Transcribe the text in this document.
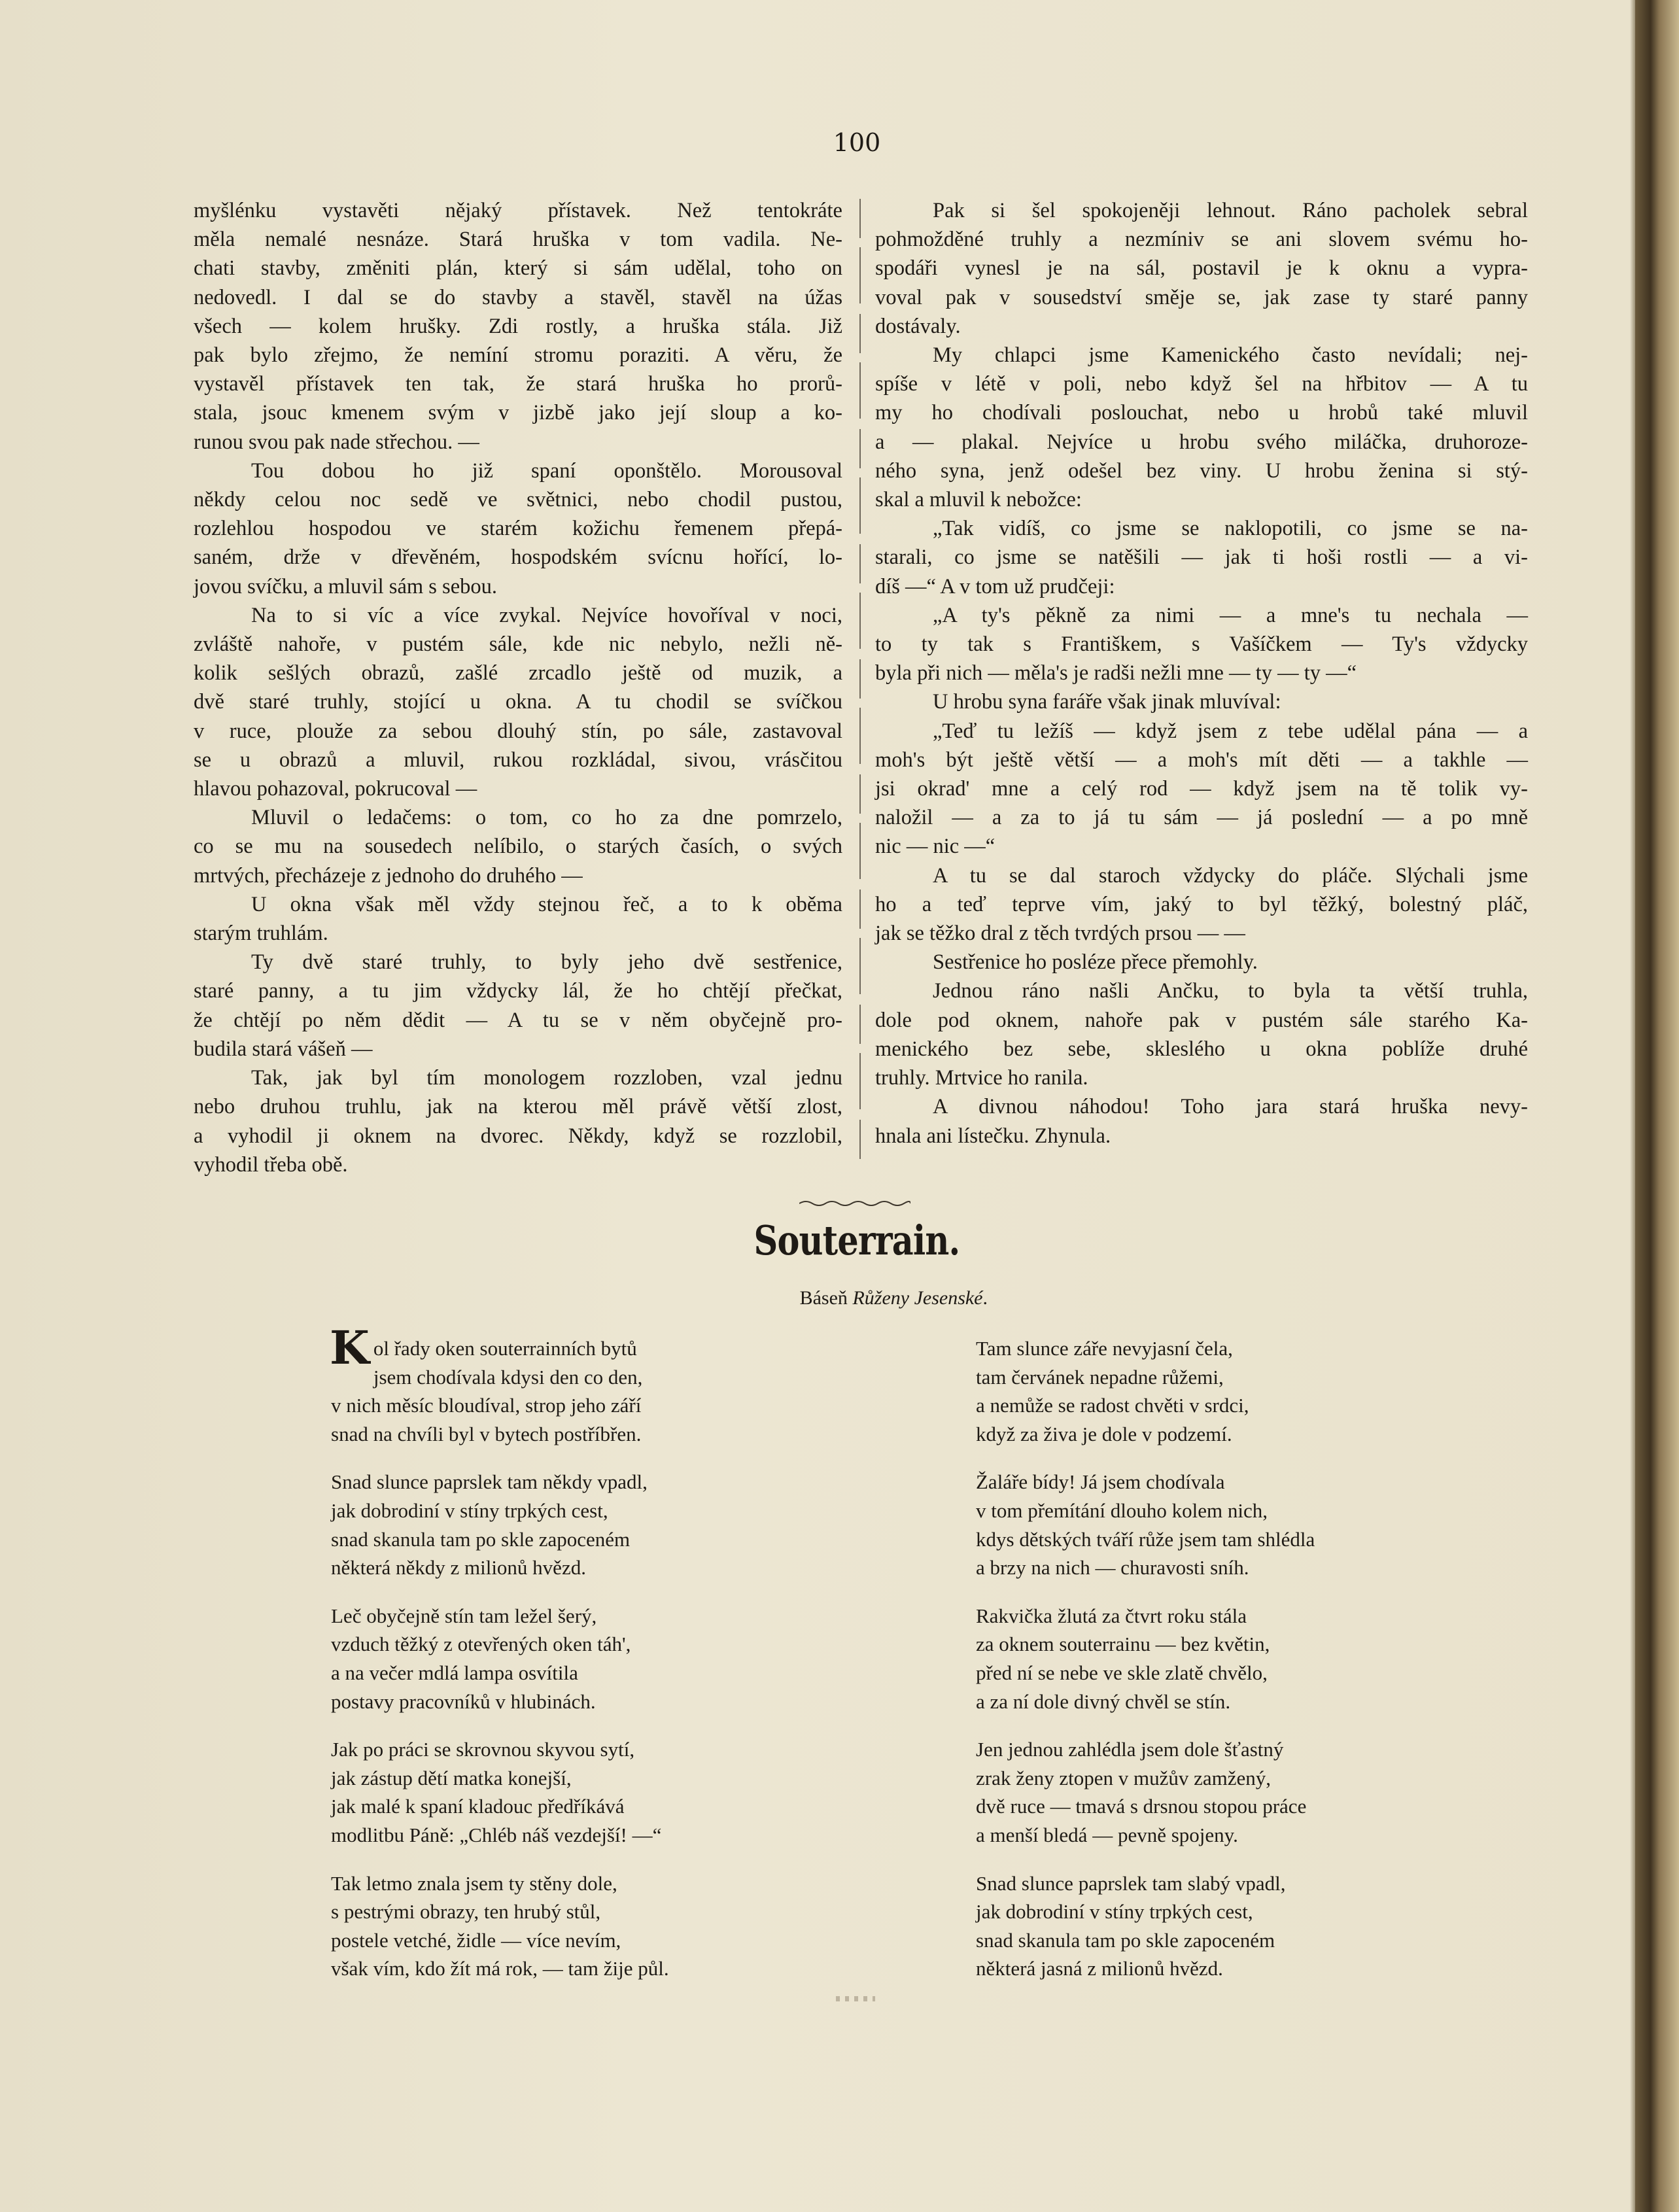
100

myšlénku vystavěti nějaký přístavek. Než tentokráte
měla nemalé nesnáze. Stará hruška v tom vadila. Ne-
chati stavby, změniti plán, který si sám udělal, toho on
nedovedl. I dal se do stavby a stavěl, stavěl na úžas
všech — kolem hrušky. Zdi rostly, a hruška stála. Již
pak bylo zřejmo, že nemíní stromu poraziti. A věru, že
vystavěl přístavek ten tak, že stará hruška ho prorů-
stala, jsouc kmenem svým v jizbě jako její sloup a ko-
runou svou pak nade střechou. —

Tou dobou ho již spaní oponštělo. Morousoval
někdy celou noc sedě ve světnici, nebo chodil pustou,
rozlehlou hospodou ve starém kožichu řemenem přepá-
saném, drže v dřevěném, hospodském svícnu hořící, lo-
jovou svíčku, a mluvil sám s sebou.

Na to si víc a více zvykal. Nejvíce hovoříval v noci,
zvláště nahoře, v pustém sále, kde nic nebylo, nežli ně-
kolik sešlých obrazů, zašlé zrcadlo ještě od muzik, a
dvě staré truhly, stojící u okna. A tu chodil se svíčkou
v ruce, plouže za sebou dlouhý stín, po sále, zastavoval
se u obrazů a mluvil, rukou rozkládal, sivou, vrásčitou
hlavou pohazoval, pokrucoval —

Mluvil o ledačems: o tom, co ho za dne pomrzelo,
co se mu na sousedech nelíbilo, o starých časích, o svých
mrtvých, přecházeje z jednoho do druhého —

U okna však měl vždy stejnou řeč, a to k oběma
starým truhlám.

Ty dvě staré truhly, to byly jeho dvě sestřenice,
staré panny, a tu jim vždycky lál, že ho chtějí přečkat,
že chtějí po něm dědit — A tu se v něm obyčejně pro-
budila stará vášeň —

Tak, jak byl tím monologem rozzloben, vzal jednu
nebo druhou truhlu, jak na kterou měl právě větší zlost,
a vyhodil ji oknem na dvorec. Někdy, když se rozzlobil,
vyhodil třeba obě.

Pak si šel spokojeněji lehnout. Ráno pacholek sebral
pohmožděné truhly a nezmíniv se ani slovem svému ho-
spodáři vynesl je na sál, postavil je k oknu a vypra-
voval pak v sousedství směje se, jak zase ty staré panny
dostávaly.

My chlapci jsme Kamenického často nevídali; nej-
spíše v létě v poli, nebo když šel na hřbitov — A tu
my ho chodívali poslouchat, nebo u hrobů také mluvil
a — plakal. Nejvíce u hrobu svého miláčka, druhoroze-
ného syna, jenž odešel bez viny. U hrobu ženina si stý-
skal a mluvil k nebožce:

„Tak vidíš, co jsme se naklopotili, co jsme se na-
starali, co jsme se natěšili — jak ti hoši rostli — a vi-
díš —“ A v tom už prudčeji:

„A ty's pěkně za nimi — a mne's tu nechala —
to ty tak s Františkem, s Vašíčkem — Ty's vždycky
byla při nich — měla's je radši nežli mne — ty — ty —“

U hrobu syna faráře však jinak mluvíval:

„Teď tu ležíš — když jsem z tebe udělal pána — a
moh's být ještě větší — a moh's mít děti — a takhle —
jsi okrad' mne a celý rod — když jsem na tě tolik vy-
naložil — a za to já tu sám — já poslední — a po mně
nic — nic —“

A tu se dal staroch vždycky do pláče. Slýchali jsme
ho a teď teprve vím, jaký to byl těžký, bolestný pláč,
jak se těžko dral z těch tvrdých prsou — —

Sestřenice ho posléze přece přemohly.

Jednou ráno našli Ančku, to byla ta větší truhla,
dole pod oknem, nahoře pak v pustém sále starého Ka-
menického bez sebe, skleslého u okna poblíže druhé
truhly. Mrtvice ho ranila.

A divnou náhodou! Toho jara stará hruška nevy-
hnala ani lístečku. Zhynula.

Souterrain.
Báseň Růženy Jesenské.
Kol řady oken souterrainních bytů
jsem chodívala kdysi den co den,
v nich měsíc bloudíval, strop jeho září
snad na chvíli byl v bytech postříbřen.
Snad slunce paprslek tam někdy vpadl,
jak dobrodiní v stíny trpkých cest,
snad skanula tam po skle zapoceném
některá někdy z milionů hvězd.
Leč obyčejně stín tam ležel šerý,
vzduch těžký z otevřených oken táh',
a na večer mdlá lampa osvítila
postavy pracovníků v hlubinách.
Jak po práci se skrovnou skyvou sytí,
jak zástup dětí matka konejší,
jak malé k spaní kladouc předříkává
modlitbu Páně: „Chléb náš vezdejší! —“
Tak letmo znala jsem ty stěny dole,
s pestrými obrazy, ten hrubý stůl,
postele vetché, židle — více nevím,
však vím, kdo žít má rok, — tam žije půl.
Tam slunce záře nevyjasní čela,
tam červánek nepadne růžemi,
a nemůže se radost chvěti v srdci,
když za živa je dole v podzemí.
Žaláře bídy! Já jsem chodívala
v tom přemítání dlouho kolem nich,
kdys dětských tváří růže jsem tam shlédla
a brzy na nich — churavosti sníh.
Rakvička žlutá za čtvrt roku stála
za oknem souterrainu — bez květin,
před ní se nebe ve skle zlatě chvělo,
a za ní dole divný chvěl se stín.
Jen jednou zahlédla jsem dole šťastný
zrak ženy ztopen v mužův zamžený,
dvě ruce — tmavá s drsnou stopou práce
a menší bledá — pevně spojeny.
Snad slunce paprslek tam slabý vpadl,
jak dobrodiní v stíny trpkých cest,
snad skanula tam po skle zapoceném
některá jasná z milionů hvězd.
